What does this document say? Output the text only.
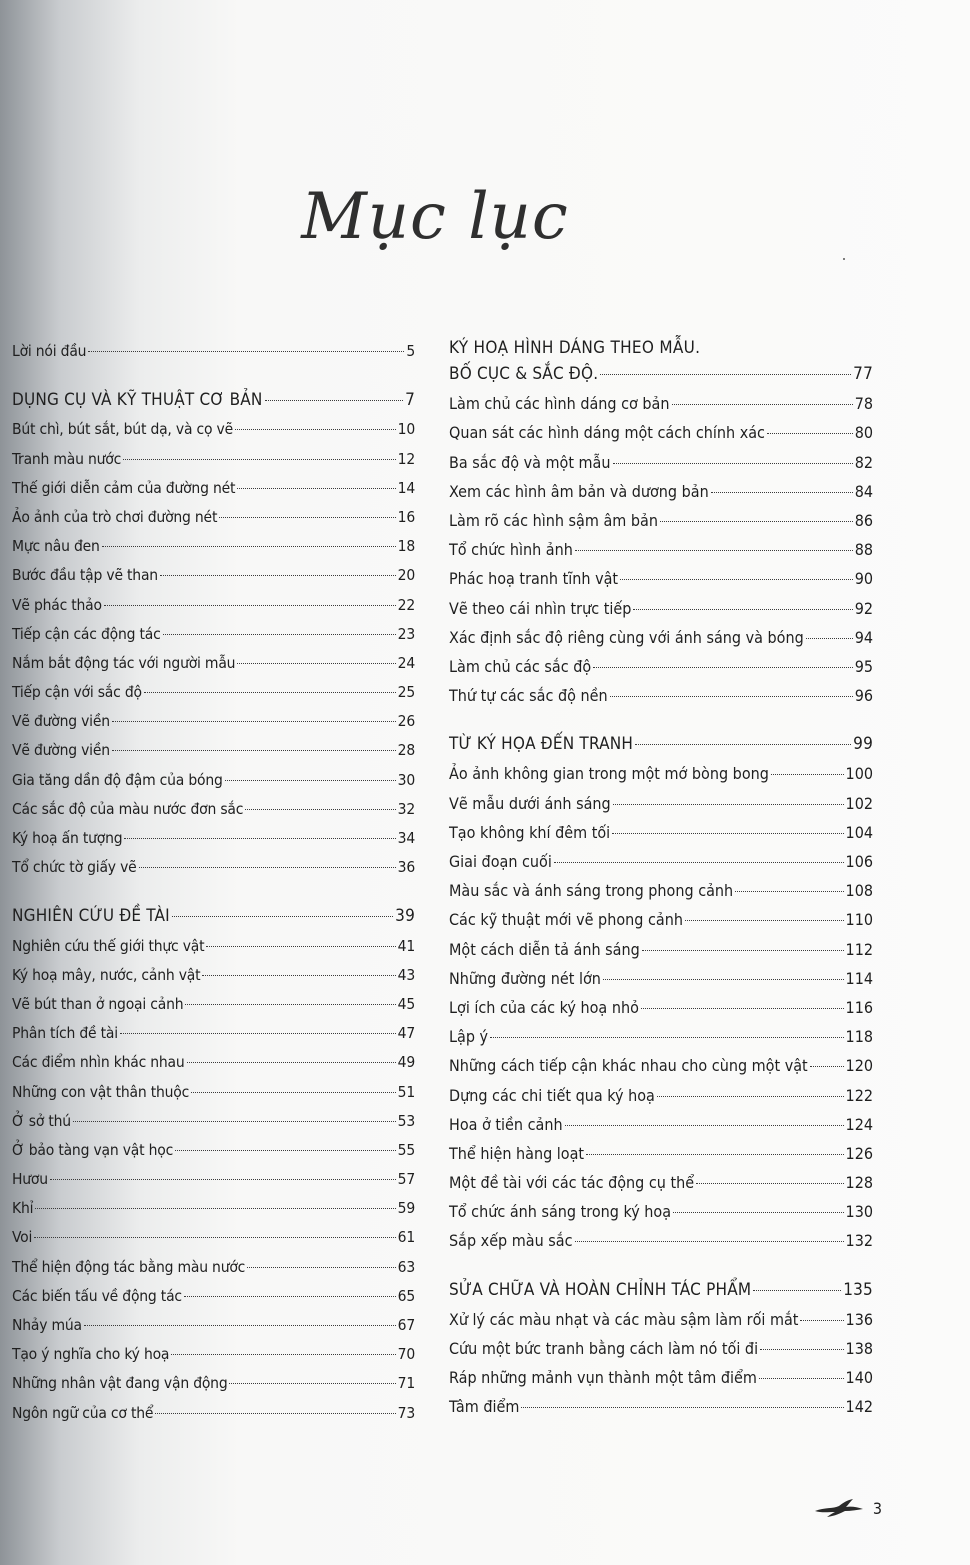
Mục lục
Lời nói đầu	5
DỤNG CỤ VÀ KỸ THUẬT CƠ BẢN	7
Bút chì, bút sắt, bút dạ, và cọ vẽ	10
Tranh màu nước	12
Thế giới diễn cảm của đường nét	14
Ảo ảnh của trò chơi đường nét	16
Mực nâu đen	18
Bước đầu tập vẽ than	20
Vẽ phác thảo	22
Tiếp cận các động tác	23
Nắm bắt động tác với người mẫu	24
Tiếp cận với sắc độ	25
Vẽ đường viền	26
Vẽ đường viền	28
Gia tăng dần độ đậm của bóng	30
Các sắc độ của màu nước đơn sắc	32
Ký hoạ ấn tượng	34
Tổ chức tờ giấy vẽ	36
NGHIÊN CỨU ĐỀ TÀI	39
Nghiên cứu thế giới thực vật	41
Ký hoạ mây, nước, cảnh vật	43
Vẽ bút than ở ngoại cảnh	45
Phân tích đề tài	47
Các điểm nhìn khác nhau	49
Những con vật thân thuộc	51
Ở sở thú	53
Ở bảo tàng vạn vật học	55
Hươu	57
Khỉ	59
Voi	61
Thể hiện động tác bằng màu nước	63
Các biến tấu về động tác	65
Nhảy múa	67
Tạo ý nghĩa cho ký hoạ	70
Những nhân vật đang vận động	71
Ngôn ngữ của cơ thể	73
KÝ HOẠ HÌNH DÁNG THEO MẪU.
BỐ CỤC & SẮC ĐỘ.	77
Làm chủ các hình dáng cơ bản	78
Quan sát các hình dáng một cách chính xác	80
Ba sắc độ và một mẫu	82
Xem các hình âm bản và dương bản	84
Làm rõ các hình sậm âm bản	86
Tổ chức hình ảnh	88
Phác hoạ tranh tĩnh vật	90
Vẽ theo cái nhìn trực tiếp	92
Xác định sắc độ riêng cùng với ánh sáng và bóng	94
Làm chủ các sắc độ	95
Thứ tự các sắc độ nền	96
TỪ KÝ HỌA ĐẾN TRANH	99
Ảo ảnh không gian trong một mớ bòng bong	100
Vẽ mẫu dưới ánh sáng	102
Tạo không khí đêm tối	104
Giai đoạn cuối	106
Màu sắc và ánh sáng trong phong cảnh	108
Các kỹ thuật mới vẽ phong cảnh	110
Một cách diễn tả ánh sáng	112
Những đường nét lớn	114
Lợi ích của các ký hoạ nhỏ	116
Lập ý	118
Những cách tiếp cận khác nhau cho cùng một vật 120
Dựng các chi tiết qua ký hoạ	122
Hoa ở tiền cảnh	124
Thể hiện hàng loạt	126
Một đề tài với các tác động cụ thể	128
Tổ chức ánh sáng trong ký hoạ	130
Sắp xếp màu sắc	132
SỬA CHỮA VÀ HOÀN CHỈNH TÁC PHẨM	135
Xử lý các màu nhạt và các màu sậm làm rối mắt	136
Cứu một bức tranh bằng cách làm nó tối đi	138
Ráp những mảnh vụn thành một tâm điểm	140
Tâm điểm	142
3
